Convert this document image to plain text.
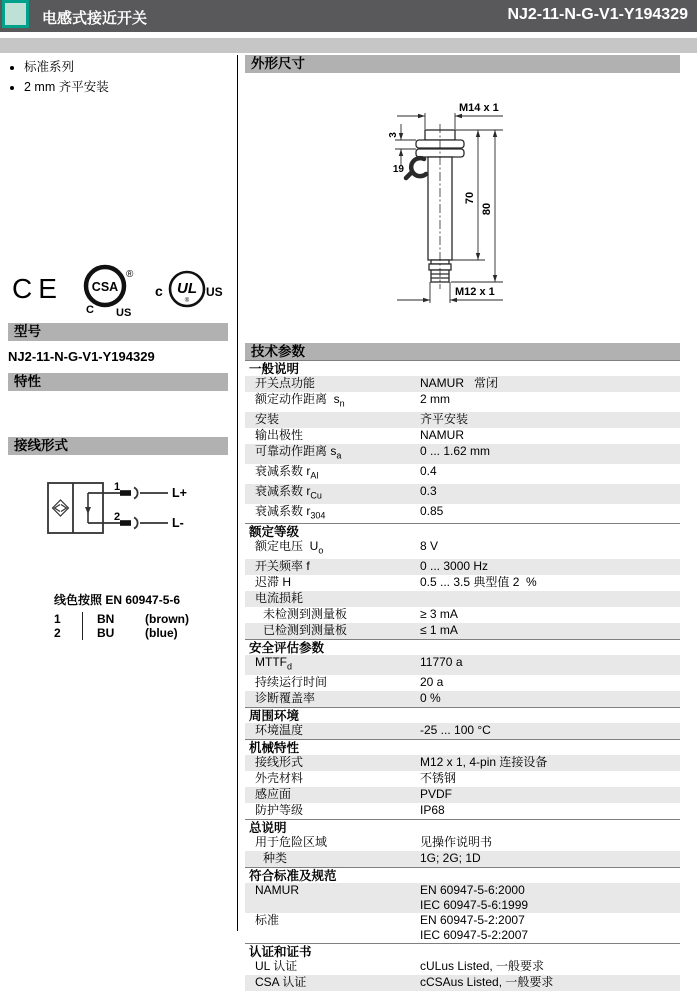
电感式接近开关	NJ2-11-N-G-V1-Y194329
CE CSA
®
C US
c UL
®
US
型号
NJ2-11-N-G-V1-Y194329
特性
• 标准系列
• 2 mm 齐平安装
接线形式
1	L+
2	L-
线色按照 EN 60947-5-6
1	BN	(brown)
2	BU	(blue)
外形尺寸
M14 x 1
3
19
70
80
M12 x 1
技术参数
一般说明
开关点功能	NAMUR   常闭
额定动作距离  $s_n$	2 mm
安装	齐平安装
输出极性	NAMUR
可靠动作距离 $s_a$	0 ... 1.62 mm
衰减系数 $r_{Al}$	0.4
衰减系数 $r_{Cu}$	0.3
衰减系数 $r_{304}$	0.85
额定等级
额定电压  $U_o$	8 V
开关频率 f	0 ... 3000 Hz
迟滞 H	0.5 ... 3.5 典型值 2  %
电流损耗
未检测到测量板	≥ 3 mA
已检测到测量板	≤ 1 mA
安全评估参数
$MTTF_d$	11770 a
持续运行时间	20 a
诊断覆盖率	0 %
周围环境
环境温度	-25 ... 100 °C
机械特性
接线形式	M12 x 1, 4-pin 连接设备
外壳材料	不锈钢
感应面	PVDF
防护等级	IP68
总说明
用于危险区域	见操作说明书
种类	1G; 2G; 1D
符合标准及规范
NAMUR	EN 60947-5-6:2000
IEC 60947-5-6:1999
标准	EN 60947-5-2:2007
IEC 60947-5-2:2007
认证和证书
UL 认证	cULus Listed, 一般要求
CSA 认证	cCSAus Listed, 一般要求
